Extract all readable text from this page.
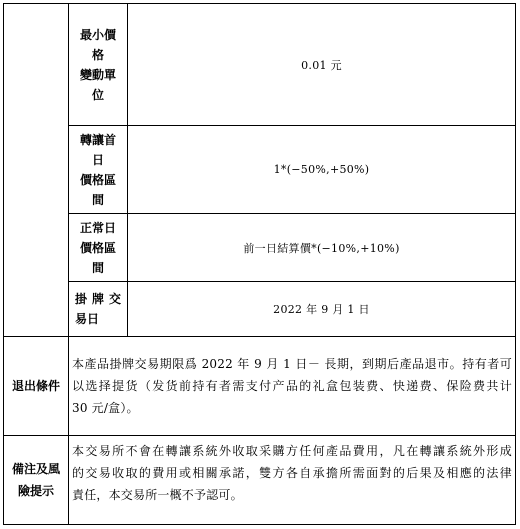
最小價
格
變動單
位
0.01 元
轉讓首
日
價格區
間
1*(−50%,+50%)
正常日
價格區
間
前一日結算價*(−10%,+10%)
掛牌交
易日
2022 年 9 月 1 日
退出條件
本產品掛牌交易期限爲 2022 年 9 月 1 日－ 長期，到期后產品退市。持有者可
以选择提货（发货前持有者需支付产品的礼盒包装费、快递费、保险费共计
30 元/盒）。
備注及風
險提示
本交易所不會在轉讓系統外收取采購方任何產品費用，凡在轉讓系統外形成
的交易收取的費用或相關承諾，雙方各自承擔所需面對的后果及相應的法律
責任，本交易所一概不予認可。
